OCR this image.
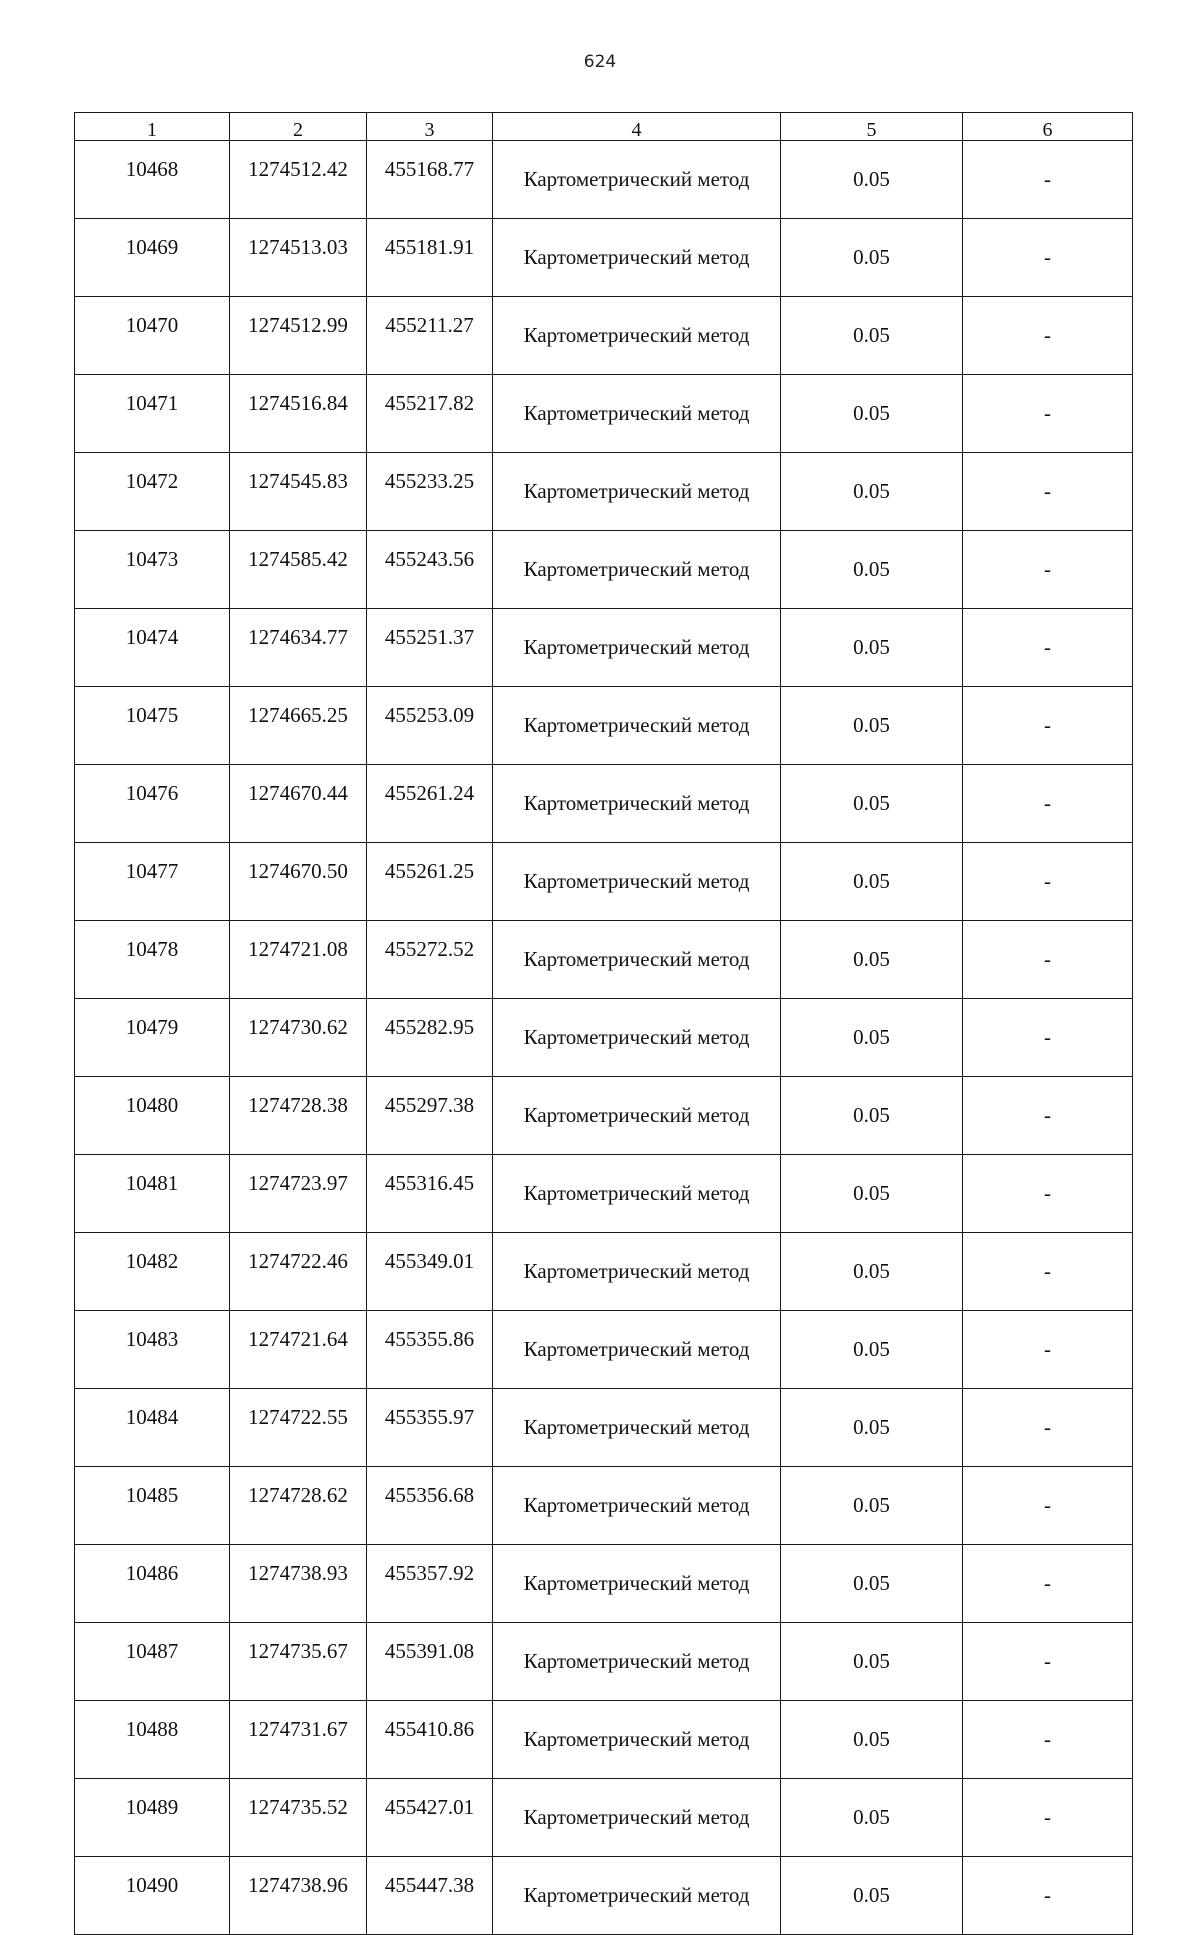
624
1	2	3	4	5	6
10468	1274512.42	455168.77	Картометрический метод	0.05	-
10469	1274513.03	455181.91	Картометрический метод	0.05	-
10470	1274512.99	455211.27	Картометрический метод	0.05	-
10471	1274516.84	455217.82	Картометрический метод	0.05	-
10472	1274545.83	455233.25	Картометрический метод	0.05	-
10473	1274585.42	455243.56	Картометрический метод	0.05	-
10474	1274634.77	455251.37	Картометрический метод	0.05	-
10475	1274665.25	455253.09	Картометрический метод	0.05	-
10476	1274670.44	455261.24	Картометрический метод	0.05	-
10477	1274670.50	455261.25	Картометрический метод	0.05	-
10478	1274721.08	455272.52	Картометрический метод	0.05	-
10479	1274730.62	455282.95	Картометрический метод	0.05	-
10480	1274728.38	455297.38	Картометрический метод	0.05	-
10481	1274723.97	455316.45	Картометрический метод	0.05	-
10482	1274722.46	455349.01	Картометрический метод	0.05	-
10483	1274721.64	455355.86	Картометрический метод	0.05	-
10484	1274722.55	455355.97	Картометрический метод	0.05	-
10485	1274728.62	455356.68	Картометрический метод	0.05	-
10486	1274738.93	455357.92	Картометрический метод	0.05	-
10487	1274735.67	455391.08	Картометрический метод	0.05	-
10488	1274731.67	455410.86	Картометрический метод	0.05	-
10489	1274735.52	455427.01	Картометрический метод	0.05	-
10490	1274738.96	455447.38	Картометрический метод	0.05	-
